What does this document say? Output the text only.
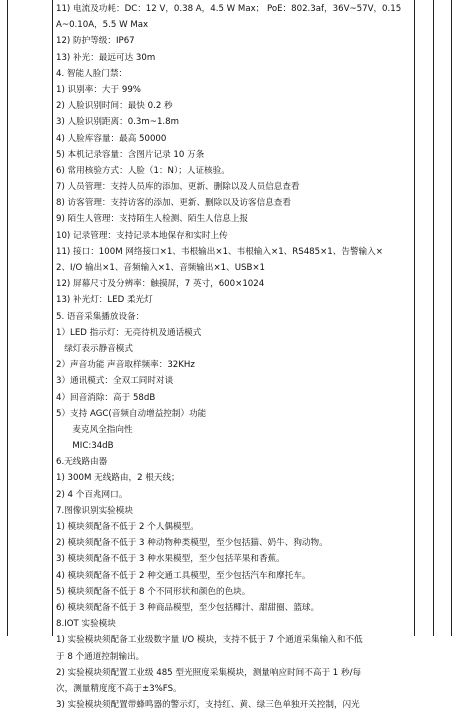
11) 电流及功耗：DC：12 V，0.38 A，4.5 W Max； PoE：802.3af，36V~57V，0.15
A~0.10A，5.5 W Max
12) 防护等级：IP67
13) 补光：最远可达 30m
4. 智能人脸门禁：
1) 识别率：大于 99%
2) 人脸识别时间：最快 0.2 秒
3) 人脸识别距离：0.3m~1.8m
4) 人脸库容量：最高 50000
5) 本机记录容量：含图片记录 10 万条
6) 常用核验方式：人脸（1：N）；人证核验。
7) 人员管理：支持人员库的添加、更新、删除以及人员信息查看
8) 访客管理：支持访客的添加、更新、删除以及访客信息查看
9) 陌生人管理：支持陌生人检测、陌生人信息上报
10) 记录管理：支持记录本地保存和实时上传
11) 接口：100M 网络接口×1、韦根输出×1、韦根输入×1、RS485×1、告警输入×
2、I/O 输出×1、音频输入×1、音频输出×1、USB×1
12) 屏幕尺寸及分辨率：触摸屏，7 英寸，600×1024
13) 补光灯：LED 柔光灯
5. 语音采集播放设备：
1）LED 指示灯：无亮待机及通话模式
绿灯表示静音模式
2）声音功能 声音取样频率：32KHz
3）通讯模式：全双工同时对谈
4）回音消除：高于 58dB
5）支持 AGC(音频自动增益控制）功能
麦克风全指向性
MIC:34dB
6.无线路由器
1) 300M 无线路由，2 根天线；
2) 4 个百兆网口。
7.图像识别实验模块
1) 模块须配备不低于 2 个人偶模型。
2) 模块须配备不低于 3 种动物种类模型，至少包括猫、奶牛、狗动物。
3) 模块须配备不低于 3 种水果模型，至少包括苹果和香蕉。
4) 模块须配备不低于 2 种交通工具模型，至少包括汽车和摩托车。
5) 模块须配备不低于 8 个不同形状和颜色的色块。
6) 模块须配备不低于 3 种商品模型，至少包括椰汁、甜甜圈、篮球。
8.IOT 实验模块
1) 实验模块须配备工业级数字量 I/O 模块，支持不低于 7 个通道采集输入和不低
于 8 个通道控制输出。
2) 实验模块须配置工业级 485 型光照度采集模块，测量响应时间不高于 1 秒/每
次，测量精度度不高于±3%FS。
3) 实验模块须配置带蜂鸣器的警示灯，支持红、黄、绿三色单独开关控制，闪光
